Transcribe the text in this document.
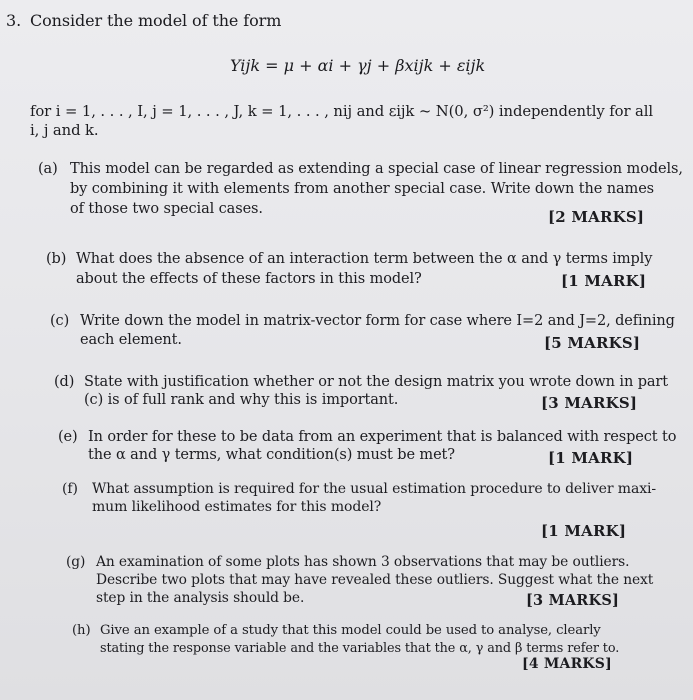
3. Consider the model of the form
Yijk = μ + αi + γj + βxijk + εijk
for i = 1, . . . , I, j = 1, . . . , J, k = 1, . . . , nij and εijk ~ N(0, σ²) independently for all
i, j and k.
(a) This model can be regarded as extending a special case of linear regression models,
by combining it with elements from another special case. Write down the names
of those two special cases.	[2 MARKS]
(b) What does the absence of an interaction term between the α and γ terms imply
about the effects of these factors in this model?	[1 MARK]
(c) Write down the model in matrix-vector form for case where I=2 and J=2, defining
each element.	[5 MARKS]
(d) State with justification whether or not the design matrix you wrote down in part
(c) is of full rank and why this is important.	[3 MARKS]
(e) In order for these to be data from an experiment that is balanced with respect to
the α and γ terms, what condition(s) must be met?	[1 MARK]
(f) What assumption is required for the usual estimation procedure to deliver maxi-
mum likelihood estimates for this model?
[1 MARK]
(g) An examination of some plots has shown 3 observations that may be outliers.
Describe two plots that may have revealed these outliers. Suggest what the next
step in the analysis should be.	[3 MARKS]
(h) Give an example of a study that this model could be used to analyse, clearly
stating the response variable and the variables that the α, γ and β terms refer to.
[4 MARKS]
